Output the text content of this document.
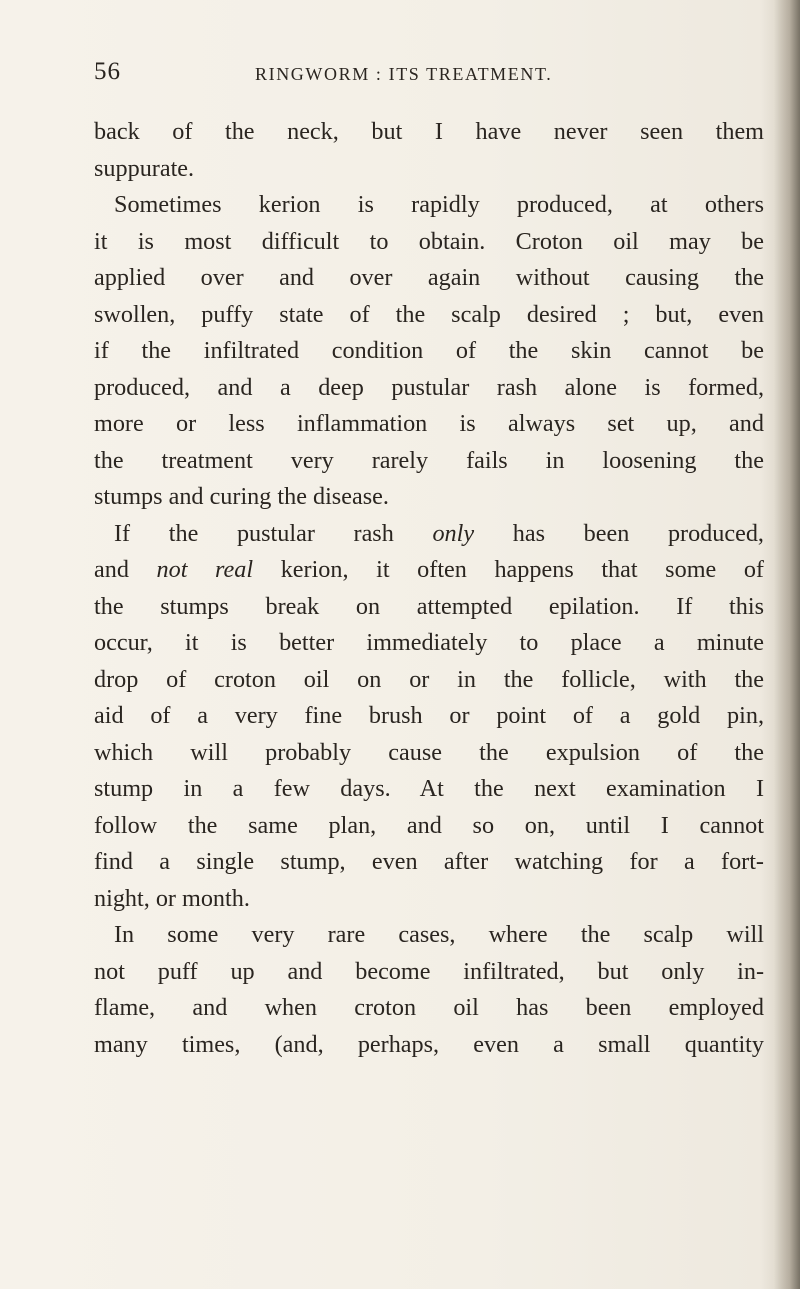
56	RINGWORM : ITS TREATMENT.
back of the neck, but I have never seen them
suppurate.
Sometimes kerion is rapidly produced, at others
it is most difficult to obtain. Croton oil may be
applied over and over again without causing the
swollen, puffy state of the scalp desired ; but, even
if the infiltrated condition of the skin cannot be
produced, and a deep pustular rash alone is formed,
more or less inflammation is always set up, and
the treatment very rarely fails in loosening the
stumps and curing the disease.
If the pustular rash only has been produced,
and not real kerion, it often happens that some of
the stumps break on attempted epilation. If this
occur, it is better immediately to place a minute
drop of croton oil on or in the follicle, with the
aid of a very fine brush or point of a gold pin,
which will probably cause the expulsion of the
stump in a few days. At the next examination I
follow the same plan, and so on, until I cannot
find a single stump, even after watching for a fort-
night, or month.
In some very rare cases, where the scalp will
not puff up and become infiltrated, but only in-
flame, and when croton oil has been employed
many times, (and, perhaps, even a small quantity
